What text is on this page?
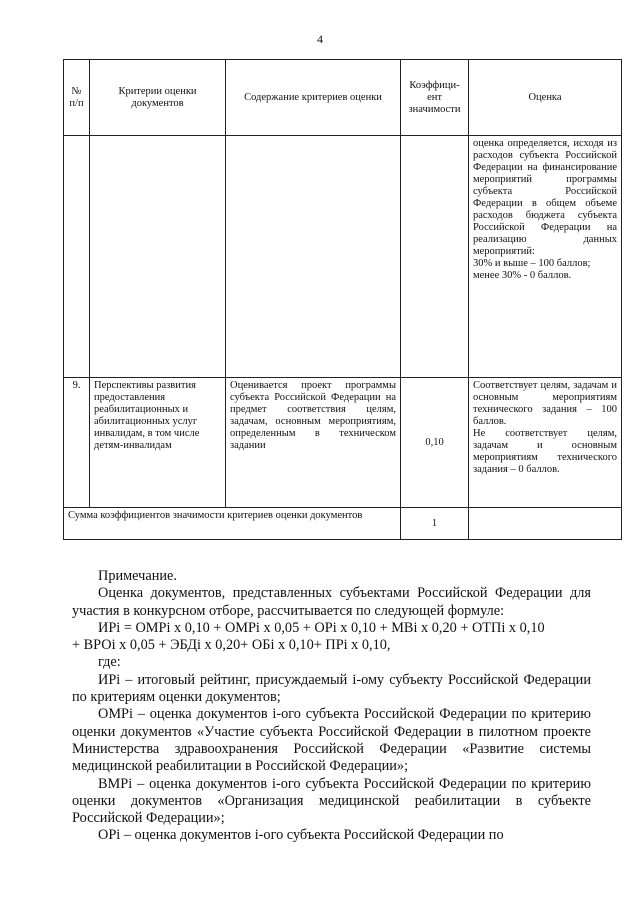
4
№ п/п	Критерии оценки документов	Содержание критериев оценки	Коэффици-ент значимости	Оценка

				оценка определяется, исходя из расходов субъекта Российской Федерации на финансирование мероприятий программы субъекта Российской Федерации в общем объеме расходов бюджета субъекта Российской Федерации на реализацию данных мероприятий:
30% и выше – 100 баллов;
менее 30% - 0 баллов.

9.	Перспективы развития предоставления реабилитационных и абилитационных услуг инвалидам, в том числе детям-инвалидам	Оценивается проект программы субъекта Российской Федерации на предмет соответствия целям, задачам, основным мероприятиям, определенным в техническом задании	0,10	Соответствует целям, задачам и основным мероприятиям технического задания – 100 баллов.
Не соответствует целям, задачам и основным мероприятиям технического задания – 0 баллов.

Сумма коэффициентов значимости критериев оценки документов			1	

Примечание.

Оценка документов, представленных субъектами Российской Федерации для участия в конкурсном отборе, рассчитывается по следующей формуле:

ИРi = ОМРi x 0,10 + ОМРi x 0,05 + ОРi x 0,10 + МВi x 0,20 + ОТПi x 0,10

+ ВРОi x 0,05 + ЭБДi x 0,20+ ОБi x 0,10+ ПРi x 0,10,

где:

ИРi – итоговый рейтинг, присуждаемый i-ому субъекту Российской Федерации по критериям оценки документов;

ОМРi – оценка документов i-ого субъекта Российской Федерации по критерию оценки документов «Участие субъекта Российской Федерации в пилотном проекте Министерства здравоохранения Российской Федерации «Развитие системы медицинской реабилитации в Российской Федерации»;

ВМРi – оценка документов i-ого субъекта Российской Федерации по критерию оценки документов «Организация медицинской реабилитации в субъекте Российской Федерации»;

ОРi – оценка документов i-ого субъекта Российской Федерации по
